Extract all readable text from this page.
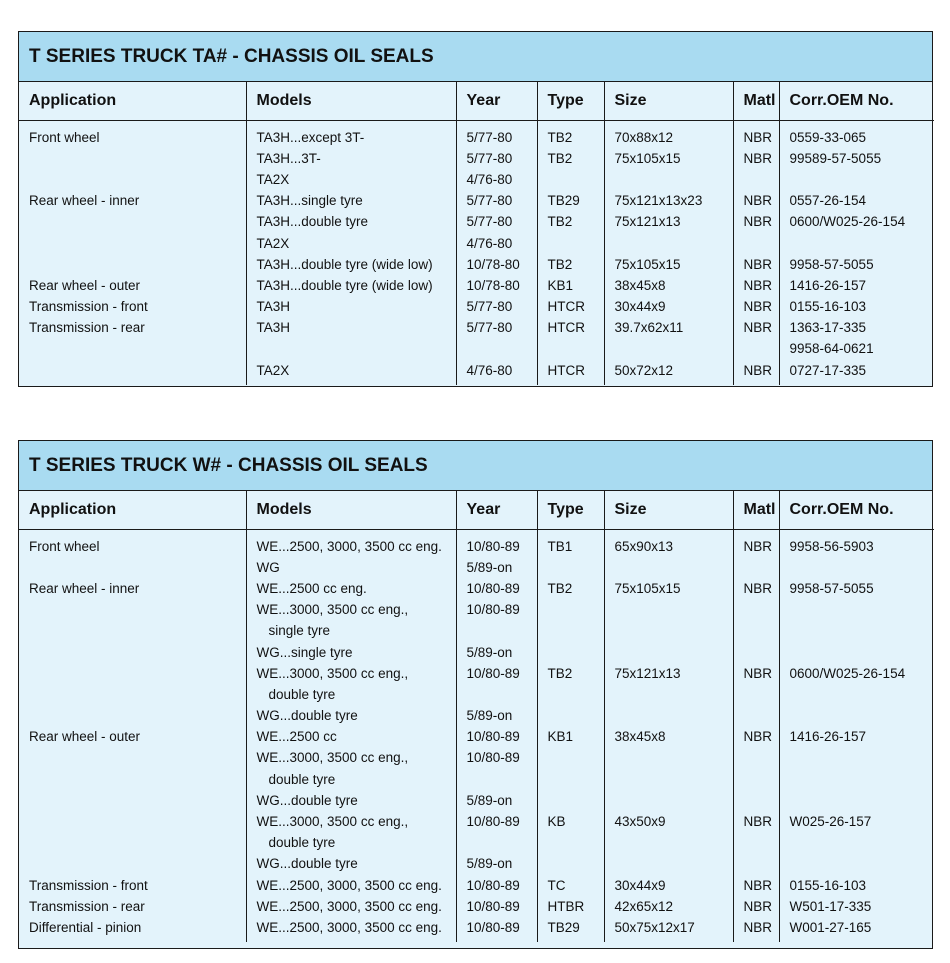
T SERIES TRUCK TA# - CHASSIS OIL SEALS
Application	Models	Year	Type	Size	Matl	Corr.OEM No.
Front wheel	TA3H...except 3T-	5/77-80	TB2	70x88x12	NBR	0559-33-065
	TA3H...3T-	5/77-80	TB2	75x105x15	NBR	99589-57-5055
	TA2X	4/76-80				
Rear wheel - inner	TA3H...single tyre	5/77-80	TB29	75x121x13x23	NBR	0557-26-154
	TA3H...double tyre	5/77-80	TB2	75x121x13	NBR	0600/W025-26-154
	TA2X	4/76-80				
	TA3H...double tyre (wide low)	10/78-80	TB2	75x105x15	NBR	9958-57-5055
Rear wheel - outer	TA3H...double tyre (wide low)	10/78-80	KB1	38x45x8	NBR	1416-26-157
Transmission - front	TA3H	5/77-80	HTCR	30x44x9	NBR	0155-16-103
Transmission - rear	TA3H	5/77-80	HTCR	39.7x62x11	NBR	1363-17-335
						9958-64-0621
	TA2X	4/76-80	HTCR	50x72x12	NBR	0727-17-335
T SERIES TRUCK W# - CHASSIS OIL SEALS
Application	Models	Year	Type	Size	Matl	Corr.OEM No.
Front wheel	WE...2500, 3000, 3500 cc eng.	10/80-89	TB1	65x90x13	NBR	9958-56-5903
	WG	5/89-on				
Rear wheel - inner	WE...2500 cc eng.	10/80-89	TB2	75x105x15	NBR	9958-57-5055
	WE...3000, 3500 cc eng.,	10/80-89				
	single tyre					
	WG...single tyre	5/89-on				
	WE...3000, 3500 cc eng.,	10/80-89	TB2	75x121x13	NBR	0600/W025-26-154
	double tyre					
	WG...double tyre	5/89-on				
Rear wheel - outer	WE...2500 cc	10/80-89	KB1	38x45x8	NBR	1416-26-157
	WE...3000, 3500 cc eng.,	10/80-89				
	double tyre					
	WG...double tyre	5/89-on				
	WE...3000, 3500 cc eng.,	10/80-89	KB	43x50x9	NBR	W025-26-157
	double tyre					
	WG...double tyre	5/89-on				
Transmission - front	WE...2500, 3000, 3500 cc eng.	10/80-89	TC	30x44x9	NBR	0155-16-103
Transmission - rear	WE...2500, 3000, 3500 cc eng.	10/80-89	HTBR	42x65x12	NBR	W501-17-335
Differential - pinion	WE...2500, 3000, 3500 cc eng.	10/80-89	TB29	50x75x12x17	NBR	W001-27-165
